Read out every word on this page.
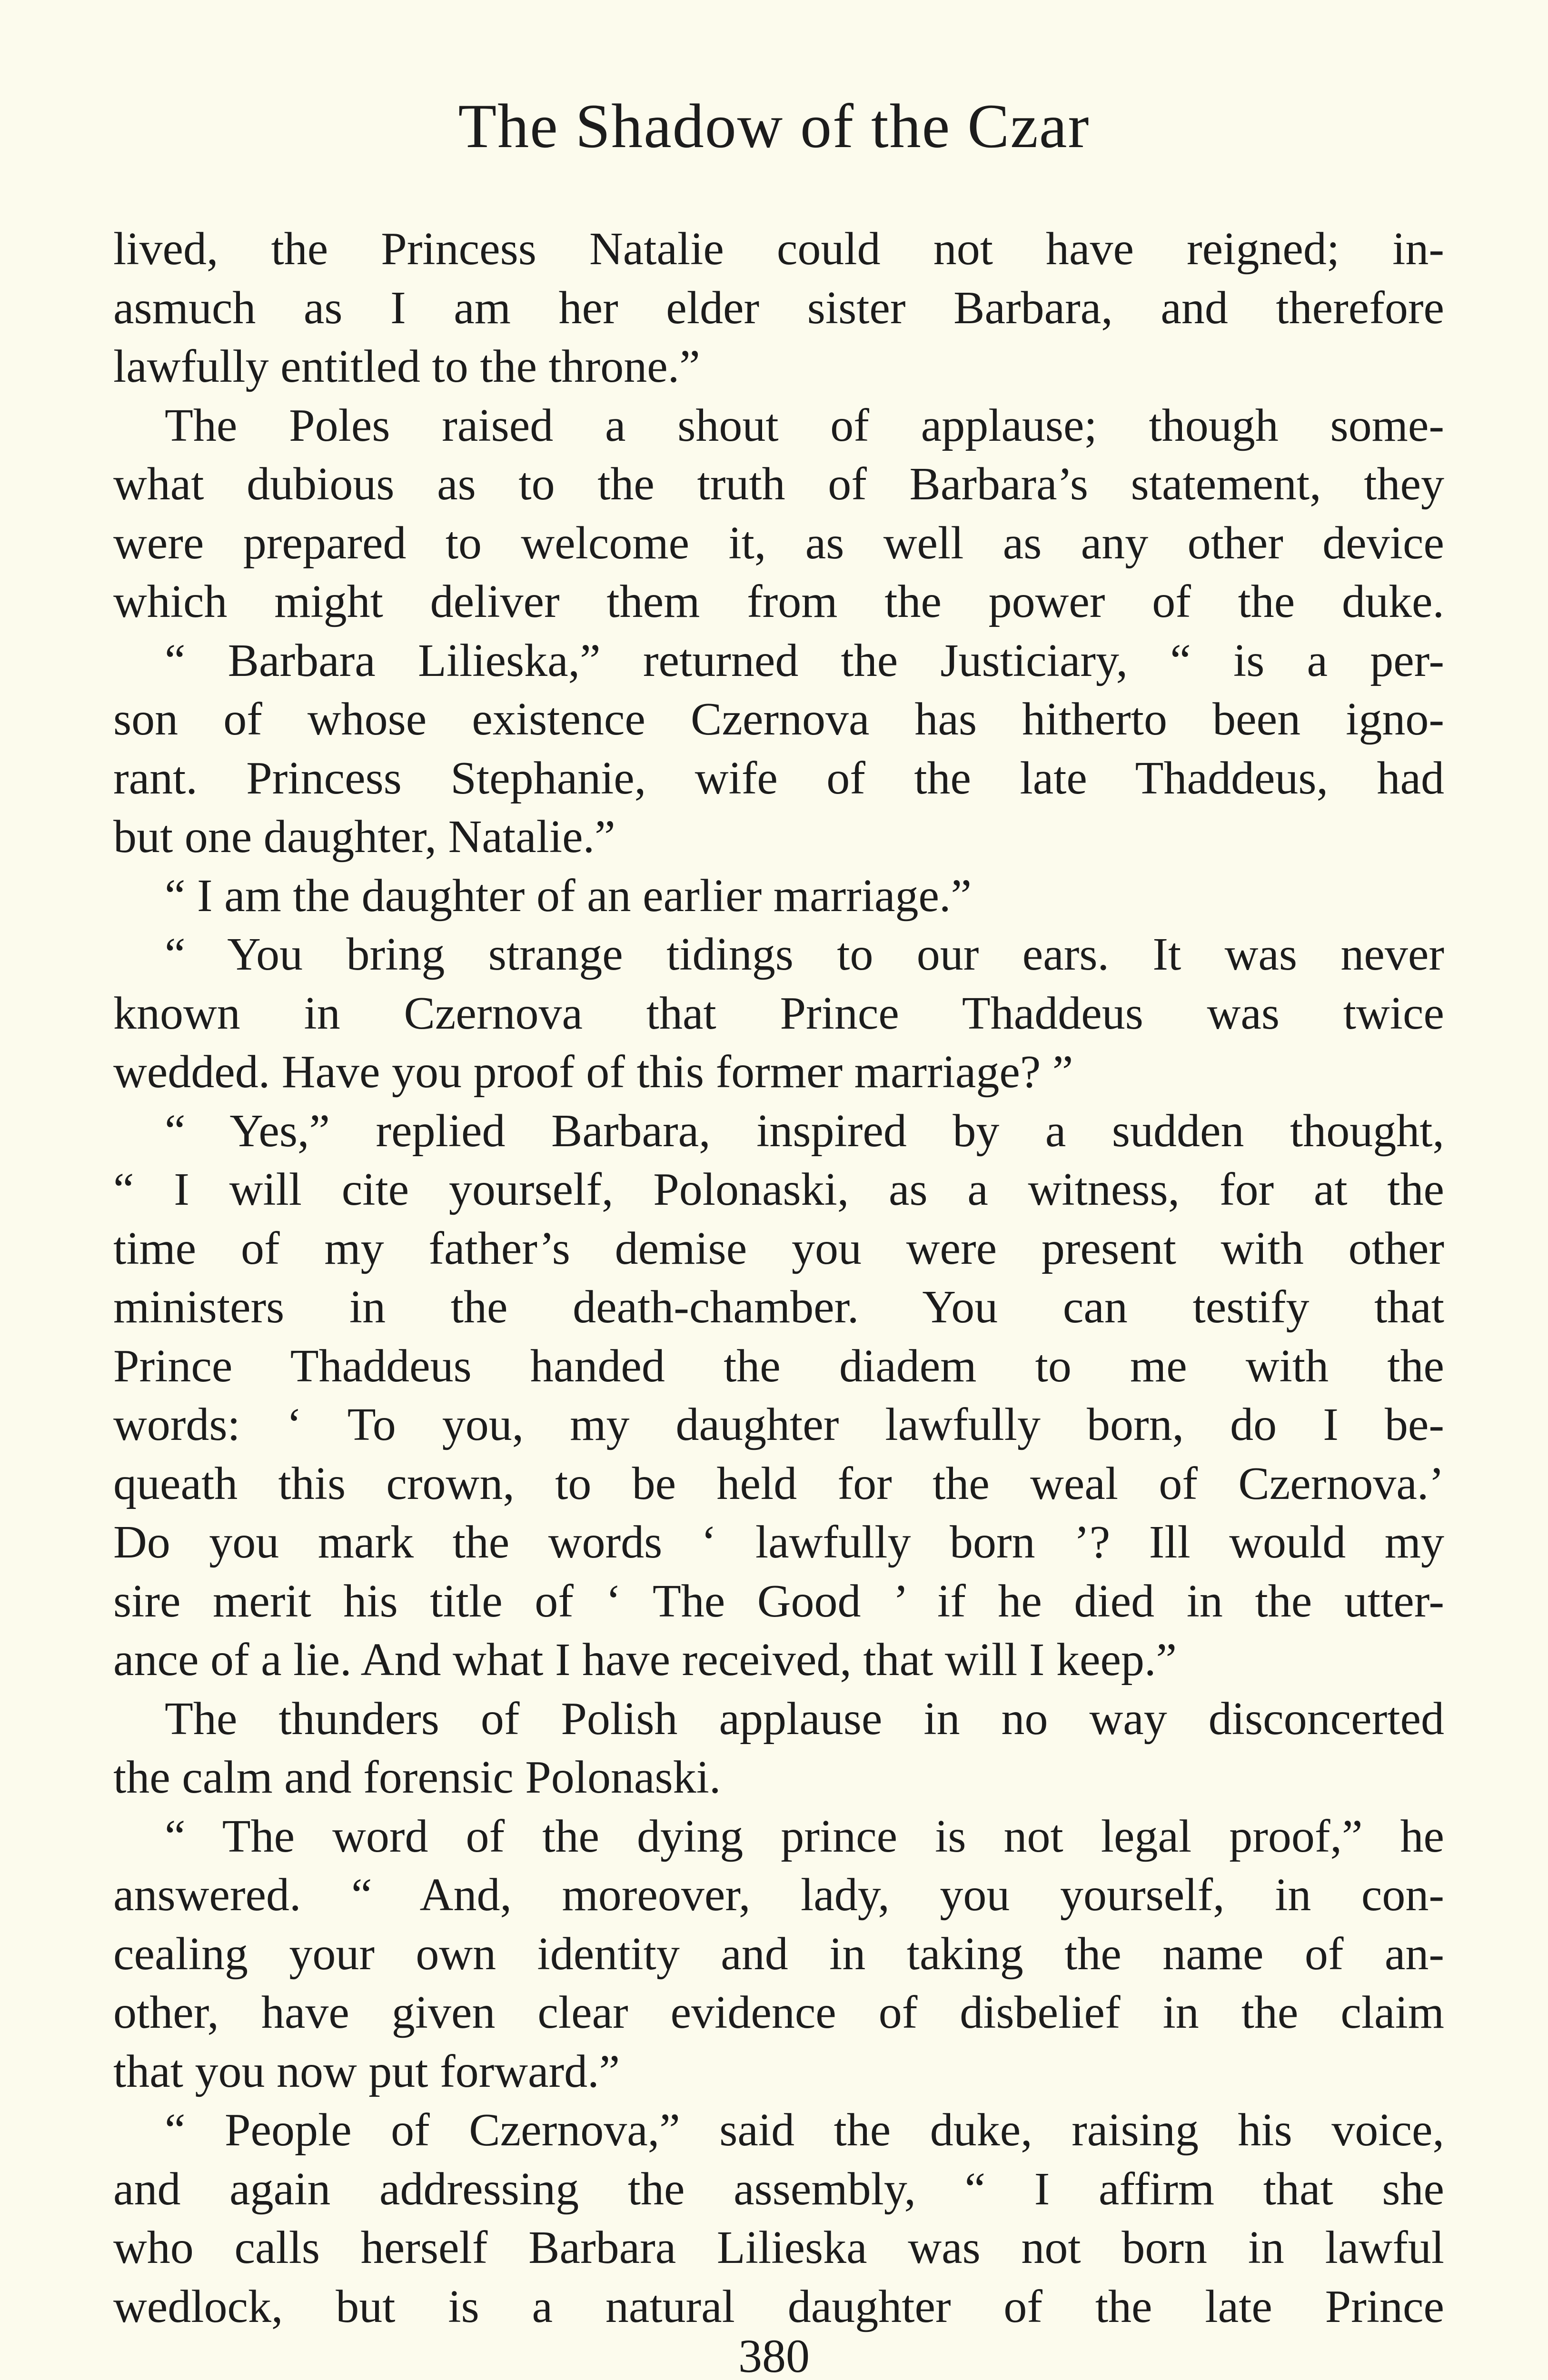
The Shadow of the Czar
lived, the Princess Natalie could not have reigned; in-
asmuch as I am her elder sister Barbara, and therefore
lawfully entitled to the throne.”
The Poles raised a shout of applause; though some-
what dubious as to the truth of Barbara’s statement, they
were prepared to welcome it, as well as any other device
which might deliver them from the power of the duke.
“ Barbara Lilieska,” returned the Justiciary, “ is a per-
son of whose existence Czernova has hitherto been igno-
rant. Princess Stephanie, wife of the late Thaddeus, had
but one daughter, Natalie.”
“ I am the daughter of an earlier marriage.”
“ You bring strange tidings to our ears. It was never
known in Czernova that Prince Thaddeus was twice
wedded. Have you proof of this former marriage? ”
“ Yes,” replied Barbara, inspired by a sudden thought,
“ I will cite yourself, Polonaski, as a witness, for at the
time of my father’s demise you were present with other
ministers in the death-chamber. You can testify that
Prince Thaddeus handed the diadem to me with the
words: ‘ To you, my daughter lawfully born, do I be-
queath this crown, to be held for the weal of Czernova.’
Do you mark the words ‘ lawfully born ’? Ill would my
sire merit his title of ‘ The Good ’ if he died in the utter-
ance of a lie. And what I have received, that will I keep.”
The thunders of Polish applause in no way disconcerted
the calm and forensic Polonaski.
“ The word of the dying prince is not legal proof,” he
answered. “ And, moreover, lady, you yourself, in con-
cealing your own identity and in taking the name of an-
other, have given clear evidence of disbelief in the claim
that you now put forward.”
“ People of Czernova,” said the duke, raising his voice,
and again addressing the assembly, “ I affirm that she
who calls herself Barbara Lilieska was not born in lawful
wedlock, but is a natural daughter of the late Prince
380
